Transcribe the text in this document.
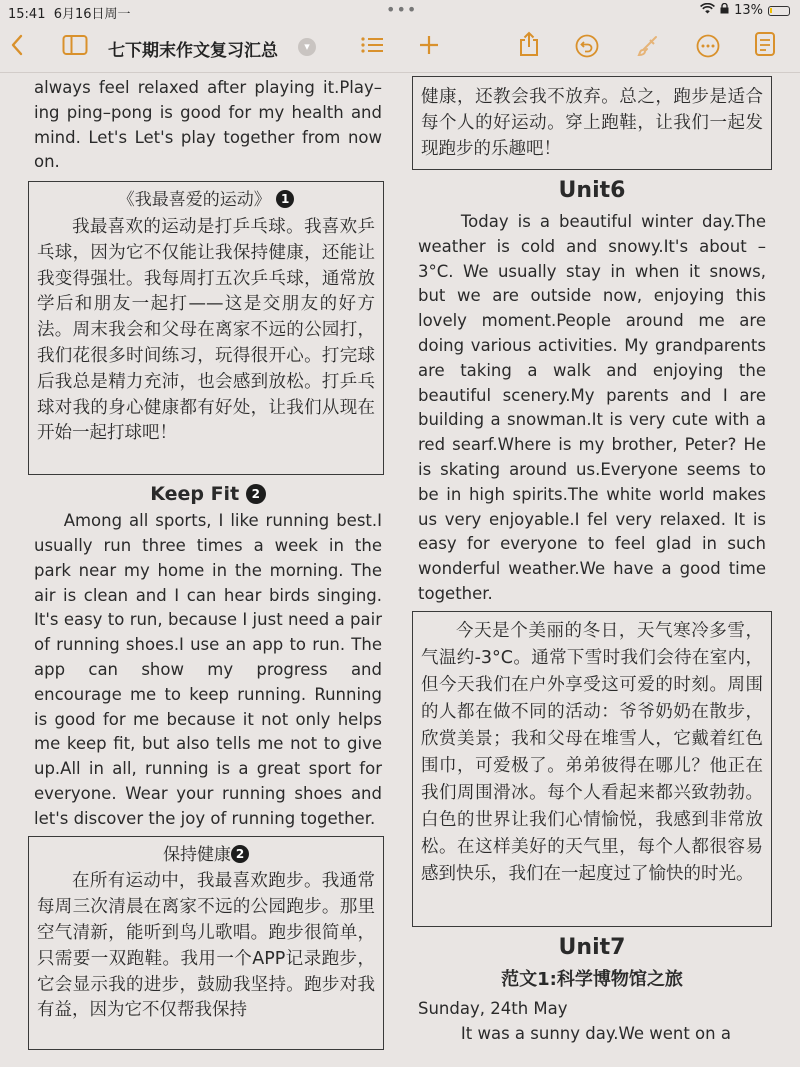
15:41 6月16日周一	•••	13%
七下期末作文复习汇总	▾

always feel relaxed after playing it.Play–ing ping–pong is good for my health and mind. Let's Let's play together from now on.

《我最喜爱的运动》 1

我最喜欢的运动是打乒乓球。我喜欢乒乓球，因为它不仅能让我保持健康，还能让我变得强壮。我每周打五次乒乓球，通常放学后和朋友一起打——这是交朋友的好方法。周末我会和父母在离家不远的公园打，我们花很多时间练习，玩得很开心。打完球后我总是精力充沛，也会感到放松。打乒乓球对我的身心健康都有好处，让我们从现在开始一起打球吧！

Keep Fit 2

Among all sports, I like running best.I usually run three times a week in the park near my home in the morning. The air is clean and I can hear birds singing. It's easy to run, because I just need a pair of running shoes.I use an app to run. The app can show my progress and encourage me to keep running. Running is good for me because it not only helps me keep fit, but also tells me not to give up.All in all, running is a great sport for everyone. Wear your running shoes and let's discover the joy of running together.

保持健康 2

在所有运动中，我最喜欢跑步。我通常每周三次清晨在离家不远的公园跑步。那里空气清新，能听到鸟儿歌唱。跑步很简单，只需要一双跑鞋。我用一个APP记录跑步，它会显示我的进步，鼓励我坚持。跑步对我有益，因为它不仅帮我保持

健康，还教会我不放弃。总之，跑步是适合每个人的好运动。穿上跑鞋，让我们一起发现跑步的乐趣吧！

Unit6

Today is a beautiful winter day.The weather is cold and snowy.It's about –3°C. We usually stay in when it snows, but we are outside now, enjoying this lovely moment.People around me are doing various activities. My grandparents are taking a walk and enjoying the beautiful scenery.My parents and I are building a snowman.It is very cute with a red searf.Where is my brother, Peter? He is skating around us.Everyone seems to be in high spirits.The white world makes us very enjoyable.I fel very relaxed. It is easy for everyone to feel glad in such wonderful weather.We have a good time together.

今天是个美丽的冬日，天气寒冷多雪，气温约-3°C。通常下雪时我们会待在室内，但今天我们在户外享受这可爱的时刻。周围的人都在做不同的活动：爷爷奶奶在散步，欣赏美景；我和父母在堆雪人，它戴着红色围巾，可爱极了。弟弟彼得在哪儿？他正在我们周围滑冰。每个人看起来都兴致勃勃。白色的世界让我们心情愉悦，我感到非常放松。在这样美好的天气里，每个人都很容易感到快乐，我们在一起度过了愉快的时光。

Unit7
范文1:科学博物馆之旅

Sunday, 24th May

It was a sunny day.We went on a
